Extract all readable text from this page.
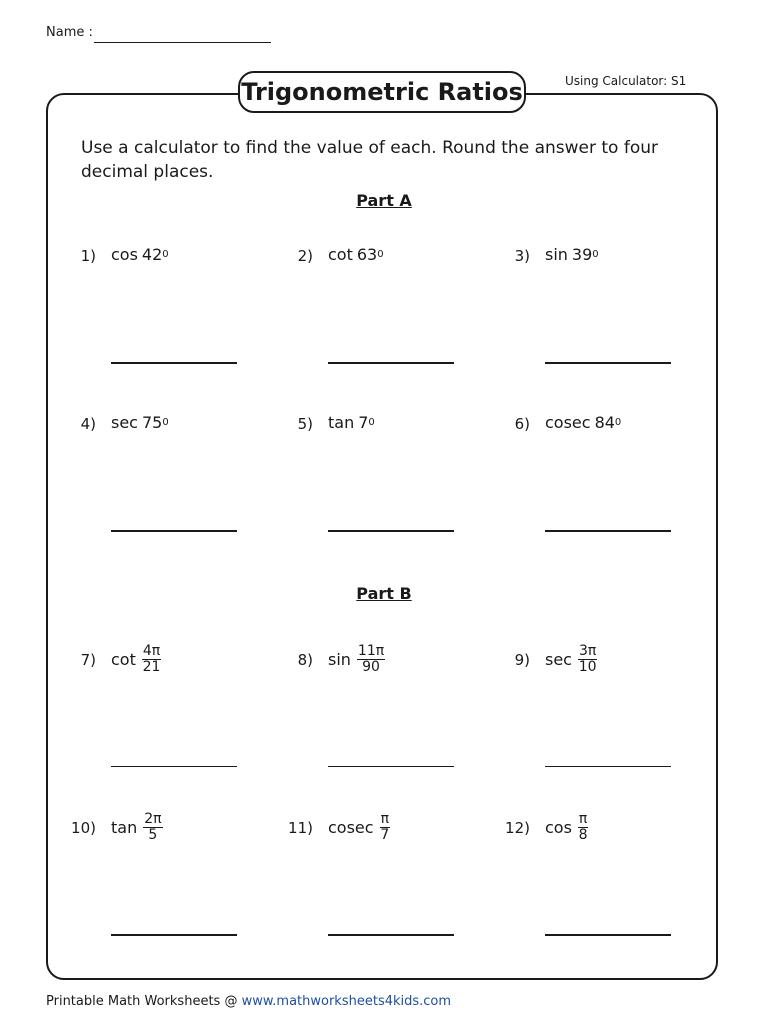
Name :
Using Calculator: S1
Trigonometric Ratios
Use a calculator to find the value of each. Round the answer to four decimal places.
Part A
Part B
1) cos 42 0	2) cot 63 0	3) sin 39 0
4) sec 75 0	5) tan 7 0	6) cosec 84 0
7) $\cot \frac{4\pi}{21}$	8) $\sin \frac{11\pi}{90}$	9) $\sec \frac{3\pi}{10}$
10) $\tan \frac{2\pi}{5}$	11) cosec $\frac{\pi}{7}$	12) $\cos \frac{\pi}{8}$
Printable Math Worksheets @ www.mathworksheets4kids.com
